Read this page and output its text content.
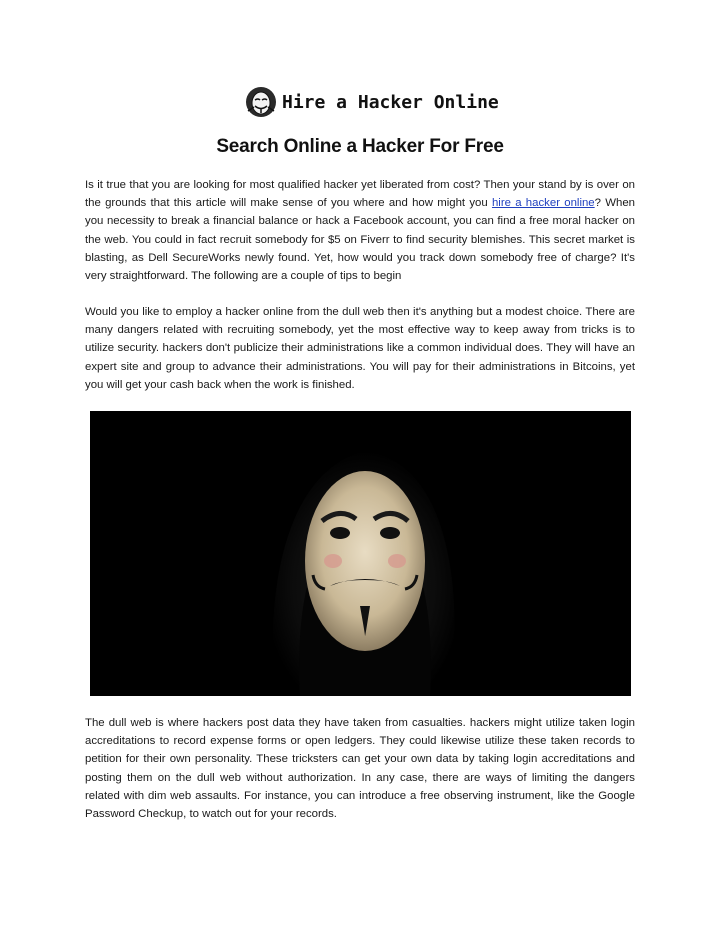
Hire a Hacker Online
Search Online a Hacker For Free

Is it true that you are looking for most qualified hacker yet liberated from cost? Then your stand by is over on the grounds that this article will make sense of you where and how might you hire a hacker online? When you necessity to break a financial balance or hack a Facebook account, you can find a free moral hacker on the web. You could in fact recruit somebody for $5 on Fiverr to find security blemishes. This secret market is blasting, as Dell SecureWorks newly found. Yet, how would you track down somebody free of charge? It's very straightforward. The following are a couple of tips to begin

Would you like to employ a hacker online from the dull web then it's anything but a modest choice. There are many dangers related with recruiting somebody, yet the most effective way to keep away from tricks is to utilize security. hackers don't publicize their administrations like a common individual does. They will have an expert site and group to advance their administrations. You will pay for their administrations in Bitcoins, yet you will get your cash back when the work is finished.

The dull web is where hackers post data they have taken from casualties. hackers might utilize taken login accreditations to record expense forms or open ledgers. They could likewise utilize these taken records to petition for their own personality. These tricksters can get your own data by taking login accreditations and posting them on the dull web without authorization. In any case, there are ways of limiting the dangers related with dim web assaults. For instance, you can introduce a free observing instrument, like the Google Password Checkup, to watch out for your records.
